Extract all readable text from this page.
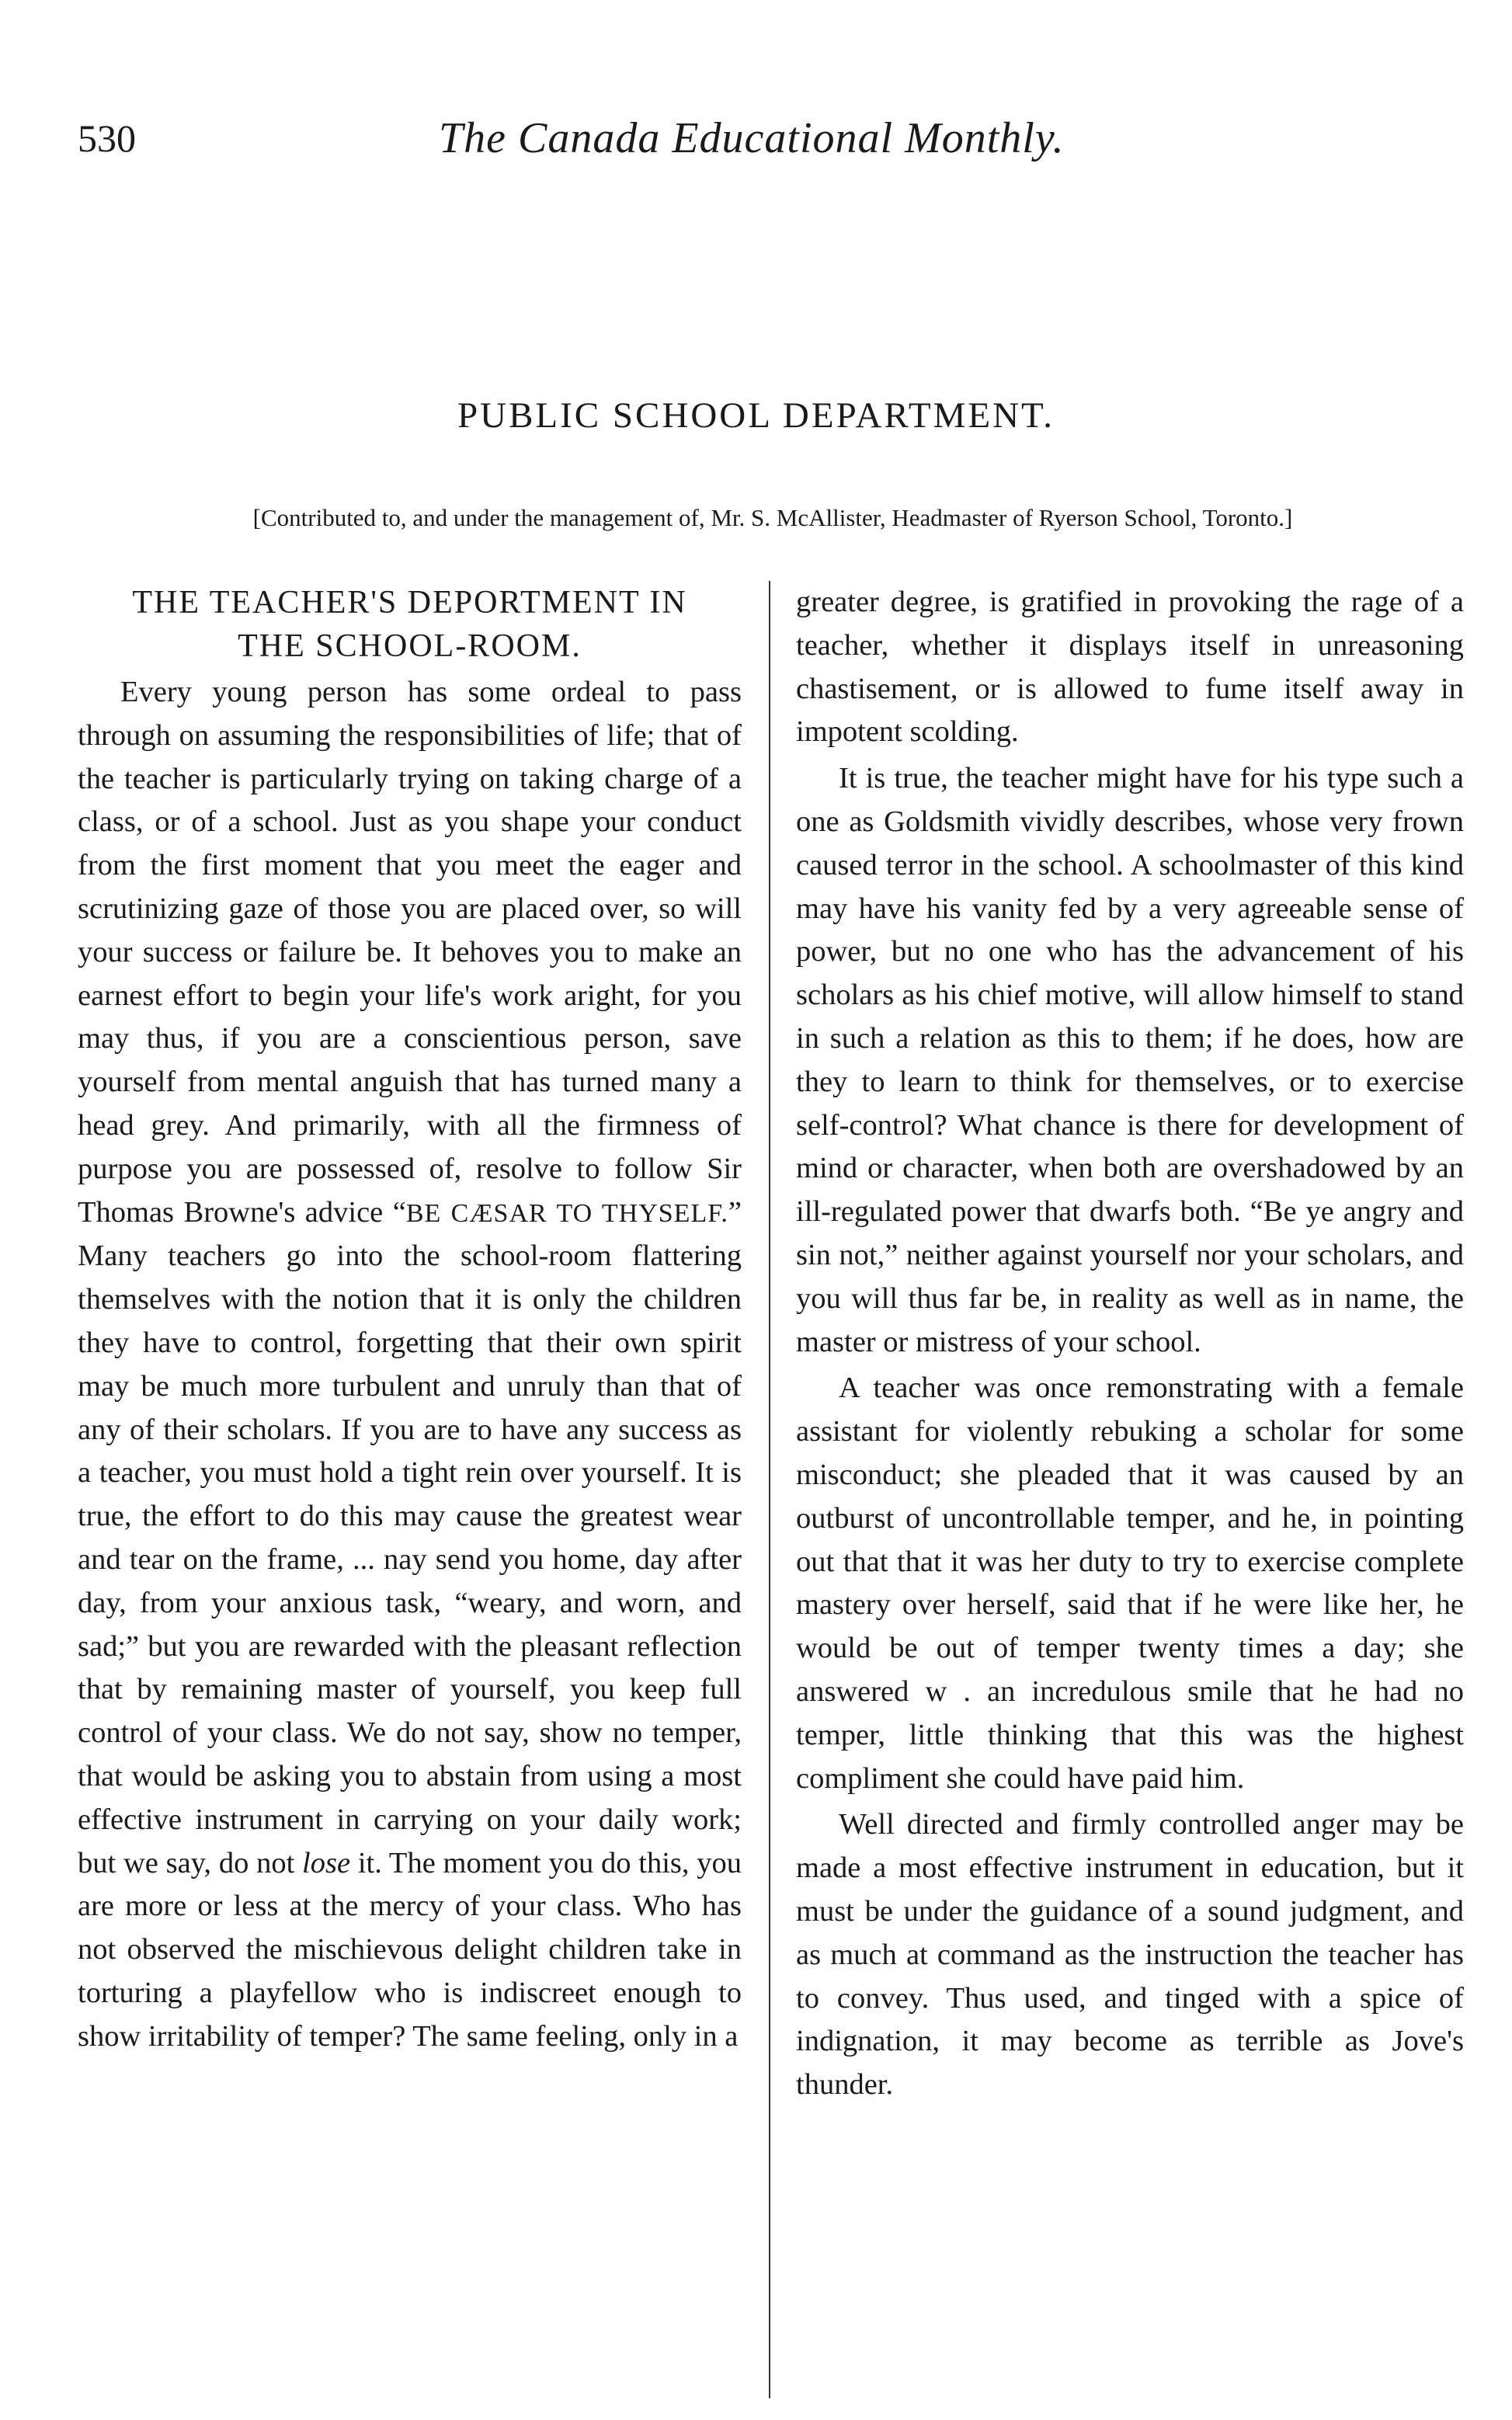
530	The Canada Educational Monthly.
PUBLIC SCHOOL DEPARTMENT.
[Contributed to, and under the management of, Mr. S. McAllister, Headmaster of Ryerson School, Toronto.]
THE TEACHER'S DEPORTMENT IN
THE SCHOOL-ROOM.

Every young person has some ordeal to pass through on assuming the responsibilities of life; that of the teacher is particularly trying on taking charge of a class, or of a school. Just as you shape your conduct from the first moment that you meet the eager and scrutinizing gaze of those you are placed over, so will your success or failure be. It behoves you to make an earnest effort to begin your life's work aright, for you may thus, if you are a conscientious person, save yourself from mental anguish that has turned many a head grey. And primarily, with all the firmness of purpose you are possessed of, resolve to follow Sir Thomas Browne's advice “BE CÆSAR TO THYSELF.” Many teachers go into the school-room flattering themselves with the notion that it is only the children they have to control, forgetting that their own spirit may be much more turbulent and unruly than that of any of their scholars. If you are to have any success as a teacher, you must hold a tight rein over yourself. It is true, the effort to do this may cause the greatest wear and tear on the frame, ... nay send you home, day after day, from your anxious task, “weary, and worn, and sad;” but you are rewarded with the pleasant reflection that by remaining master of yourself, you keep full control of your class. We do not say, show no temper, that would be asking you to abstain from using a most effective instrument in carrying on your daily work; but we say, do not lose it. The moment you do this, you are more or less at the mercy of your class. Who has not observed the mischievous delight children take in torturing a playfellow who is indiscreet enough to show irritability of temper? The same feeling, only in a

greater degree, is gratified in provoking the rage of a teacher, whether it displays itself in unreasoning chastisement, or is allowed to fume itself away in impotent scolding.

It is true, the teacher might have for his type such a one as Goldsmith vividly describes, whose very frown caused terror in the school. A schoolmaster of this kind may have his vanity fed by a very agreeable sense of power, but no one who has the advancement of his scholars as his chief motive, will allow himself to stand in such a relation as this to them; if he does, how are they to learn to think for themselves, or to exercise self-control? What chance is there for development of mind or character, when both are overshadowed by an ill-regulated power that dwarfs both. “Be ye angry and sin not,” neither against yourself nor your scholars, and you will thus far be, in reality as well as in name, the master or mistress of your school.

A teacher was once remonstrating with a female assistant for violently rebuking a scholar for some misconduct; she pleaded that it was caused by an outburst of uncontrollable temper, and he, in pointing out that that it was her duty to try to exercise complete mastery over herself, said that if he were like her, he would be out of temper twenty times a day; she answered w . an incredulous smile that he had no temper, little thinking that this was the highest compliment she could have paid him.

Well directed and firmly controlled anger may be made a most effective instrument in education, but it must be under the guidance of a sound judgment, and as much at command as the instruction the teacher has to convey. Thus used, and tinged with a spice of indignation, it may become as terrible as Jove's thunder.
